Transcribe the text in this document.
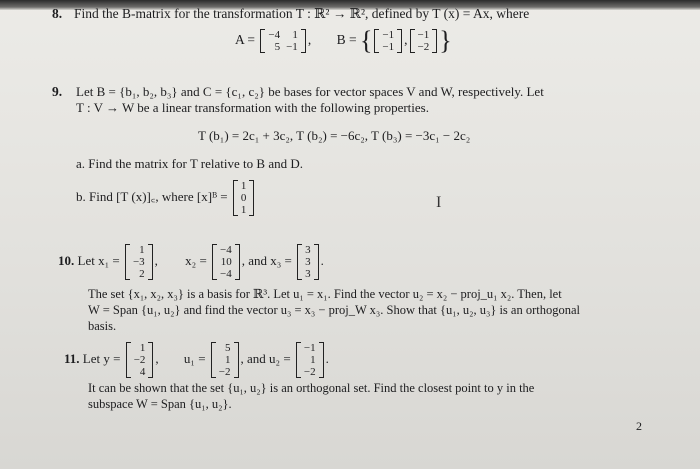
8. Find the B-matrix for the transformation T : ℝ² → ℝ², defined by T (x) = Ax, where
A = −4	1
5	−1 , B = { −1
−1 , −1
−2 }
9. Let B = {b₁, b₂, b₃} and C = {c₁, c₂} be bases for vector spaces V and W, respectively. Let
T : V → W be a linear transformation with the following properties.
T (b₁) = 2c₁ + 3c₂, T (b₂) = −6c₂, T (b₃) = −3c₁ − 2c₂
a. Find the matrix for T relative to B and D.
b. Find [T (x)]꜀, where [x]ᴮ =
1
0
1	I
10. Let x₁ =
1
−3
2
, x₂ =
−4
10
−4
, and x₃ =
3
3
3
.
The set {x₁, x₂, x₃} is a basis for ℝ³. Let u₁ = x₁. Find the vector u₂ = x₂ − proj_u₁ x₂. Then, let
W = Span {u₁, u₂} and find the vector u₃ = x₃ − proj_W x₃. Show that {u₁, u₂, u₃} is an orthogonal
basis.
11. Let y =
1
−2
4
, u₁ =
5
1
−2
, and u₂ =
−1
1
−2
.
It can be shown that the set {u₁, u₂} is an orthogonal set. Find the closest point to y in the
subspace W = Span {u₁, u₂}.
2
